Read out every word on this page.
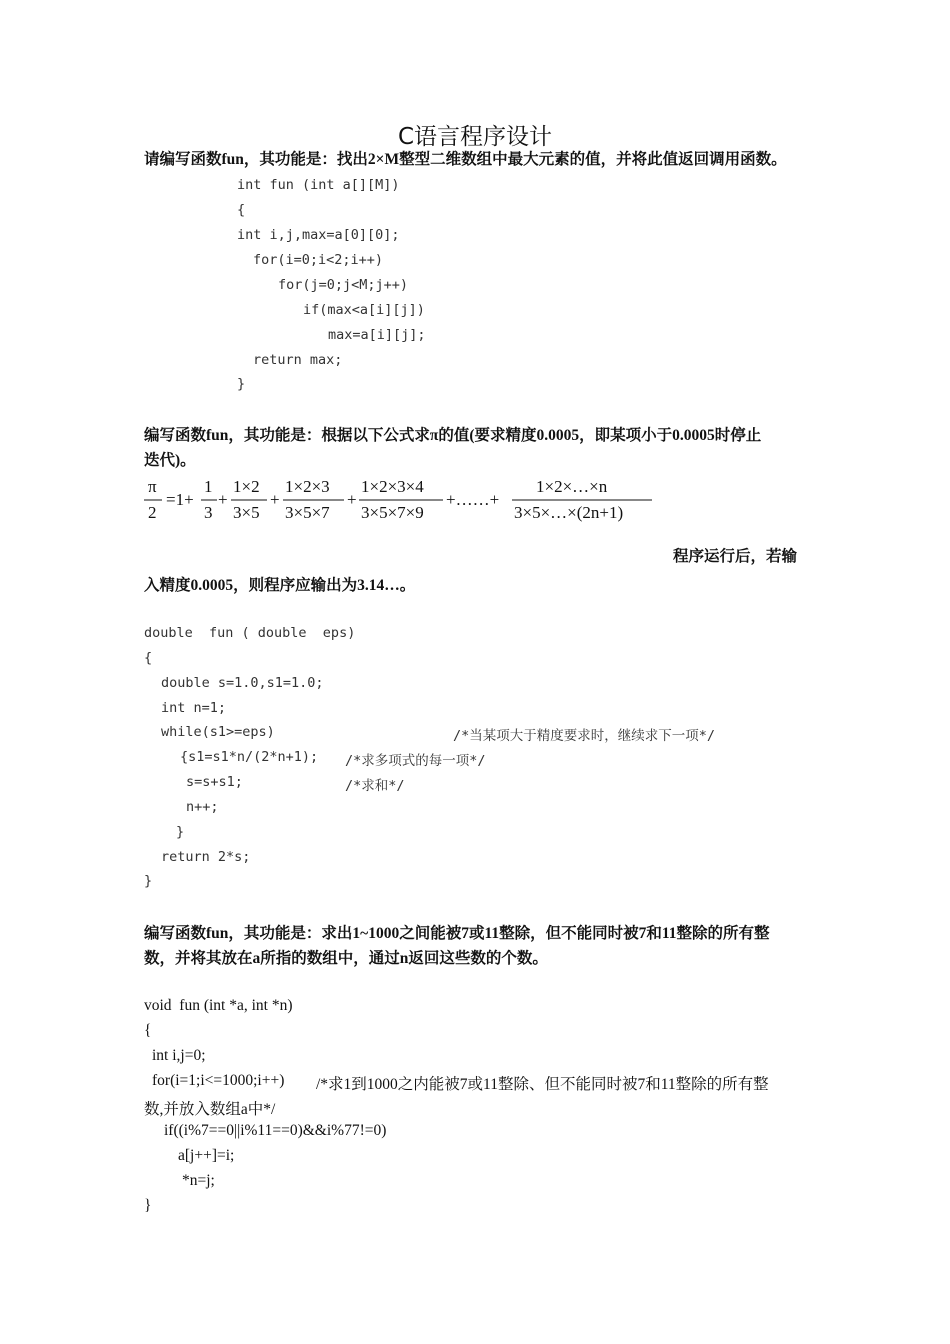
C语言程序设计
请编写函数fun，其功能是：找出2×M整型二维数组中最大元素的值，并将此值返回调用函数。
int fun (int a[][M])
{
int i,j,max=a[0][0];
for(i=0;i<2;i++)
for(j=0;j<M;j++)
if(max<a[i][j])
max=a[i][j];
return max;
}
编写函数fun，其功能是：根据以下公式求π的值(要求精度0.0005，即某项小于0.0005时停止
迭代)。
π
2
=1+
1
3
+
1×2
3×5
+
1×2×3
3×5×7
+
1×2×3×4
3×5×7×9
+……+
1×2×…×n
3×5×…×(2n+1)
程序运行后，若输
入精度0.0005，则程序应输出为3.14…。
double  fun ( double  eps)
{
double s=1.0,s1=1.0;
int n=1;
while(s1>=eps)	/*当某项大于精度要求时，继续求下一项*/
{s1=s1*n/(2*n+1); /*求多项式的每一项*/
s=s+s1;	/*求和*/
n++;
}
return 2*s;
}
编写函数fun，其功能是：求出1~1000之间能被7或11整除，但不能同时被7和11整除的所有整
数，并将其放在a所指的数组中，通过n返回这些数的个数。
void  fun (int *a, int *n)
{
int i,j=0;
for(i=1;i<=1000;i++) /*求1到1000之内能被7或11整除、但不能同时被7和11整除的所有整
数,并放入数组a中*/
if((i%7==0||i%11==0)&&i%77!=0)
a[j++]=i;
*n=j;
}
